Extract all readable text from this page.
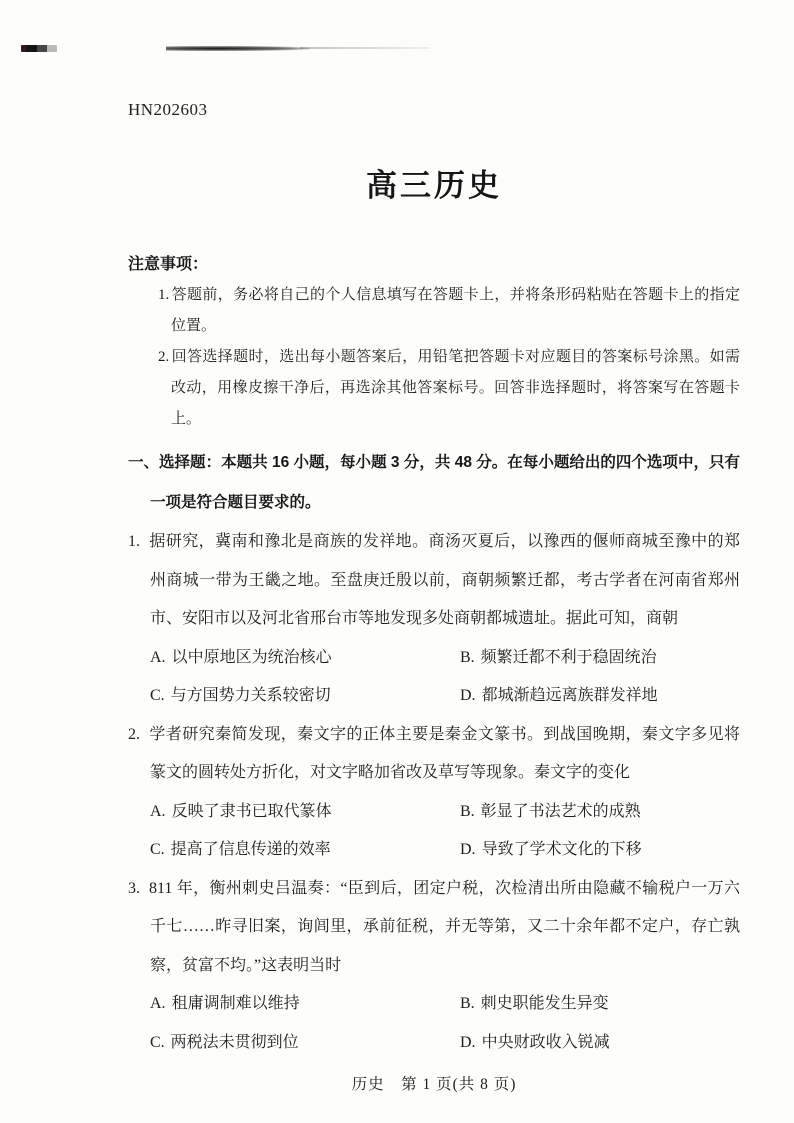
HN202603
高三历史
注意事项：
1. 答题前，务必将自己的个人信息填写在答题卡上，并将条形码粘贴在答题卡上的指定位置。
2. 回答选择题时，选出每小题答案后，用铅笔把答题卡对应题目的答案标号涂黑。如需改动，用橡皮擦干净后，再选涂其他答案标号。回答非选择题时，将答案写在答题卡上。
一、选择题：本题共 16 小题，每小题 3 分，共 48 分。在每小题给出的四个选项中，只有一项是符合题目要求的。
1. 据研究，冀南和豫北是商族的发祥地。商汤灭夏后，以豫西的偃师商城至豫中的郑州商城一带为王畿之地。至盘庚迁殷以前，商朝频繁迁都，考古学者在河南省郑州市、安阳市以及河北省邢台市等地发现多处商朝都城遗址。据此可知，商朝
A. 以中原地区为统治核心	B. 频繁迁都不利于稳固统治
C. 与方国势力关系较密切	D. 都城渐趋远离族群发祥地
2. 学者研究秦简发现，秦文字的正体主要是秦金文篆书。到战国晚期，秦文字多见将篆文的圆转处方折化，对文字略加省改及草写等现象。秦文字的变化
A. 反映了隶书已取代篆体	B. 彰显了书法艺术的成熟
C. 提高了信息传递的效率	D. 导致了学术文化的下移
3. 811 年，衡州刺史吕温奏：“臣到后，团定户税，次检清出所由隐藏不输税户一万六千七……昨寻旧案，询闾里，承前征税，并无等第，又二十余年都不定户，存亡孰察，贫富不均。”这表明当时
A. 租庸调制难以维持	B. 刺史职能发生异变
C. 两税法未贯彻到位	D. 中央财政收入锐减
历史　第 1 页(共 8 页)
